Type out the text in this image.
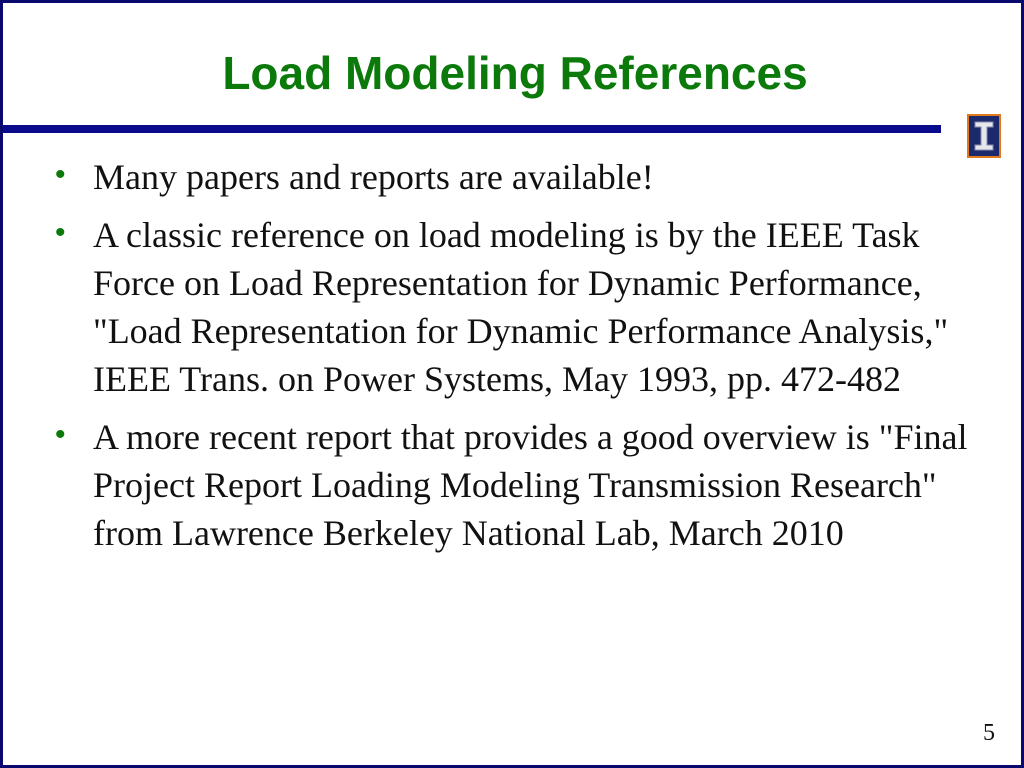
Load Modeling References
• Many papers and reports are available!
• A classic reference on load modeling is by the IEEE Task Force on Load Representation for Dynamic Performance, "Load Representation for Dynamic Performance Analysis," IEEE Trans. on Power Systems, May 1993, pp. 472-482
• A more recent report that provides a good overview is "Final Project Report Loading Modeling Transmission Research" from Lawrence Berkeley National Lab, March 2010
5
